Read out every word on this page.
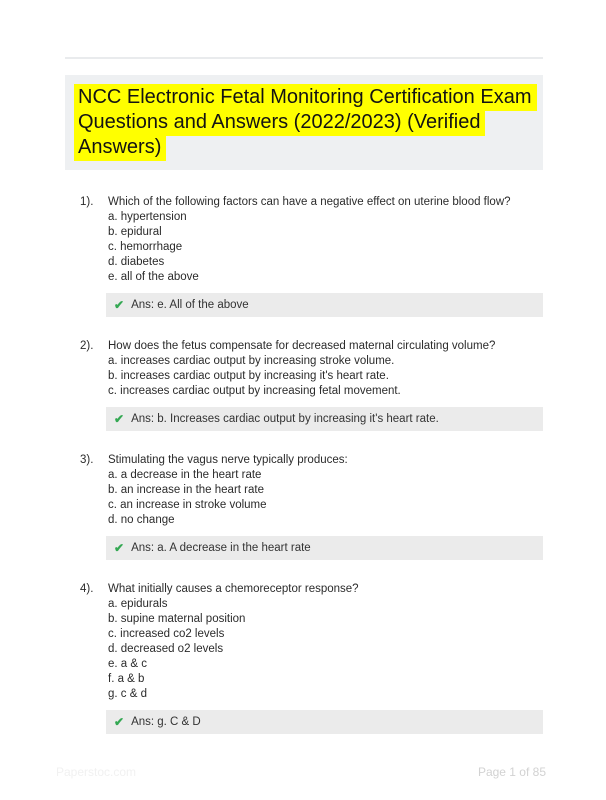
NCC Electronic Fetal Monitoring Certification Exam Questions and Answers (2022/2023) (Verified Answers)
1).	Which of the following factors can have a negative effect on uterine blood flow?
a. hypertension
b. epidural
c. hemorrhage
d. diabetes
e. all of the above
✔ Ans: e. All of the above
2).	How does the fetus compensate for decreased maternal circulating volume?
a. increases cardiac output by increasing stroke volume.
b. increases cardiac output by increasing it's heart rate.
c. increases cardiac output by increasing fetal movement.
✔ Ans: b. Increases cardiac output by increasing it's heart rate.
3).	Stimulating the vagus nerve typically produces:
a. a decrease in the heart rate
b. an increase in the heart rate
c. an increase in stroke volume
d. no change
✔ Ans: a. A decrease in the heart rate
4).	What initially causes a chemoreceptor response?
a. epidurals
b. supine maternal position
c. increased co2 levels
d. decreased o2 levels
e. a & c
f. a & b
g. c & d
✔ Ans: g. C & D
Paperstoc.com	Page 1 of 85
